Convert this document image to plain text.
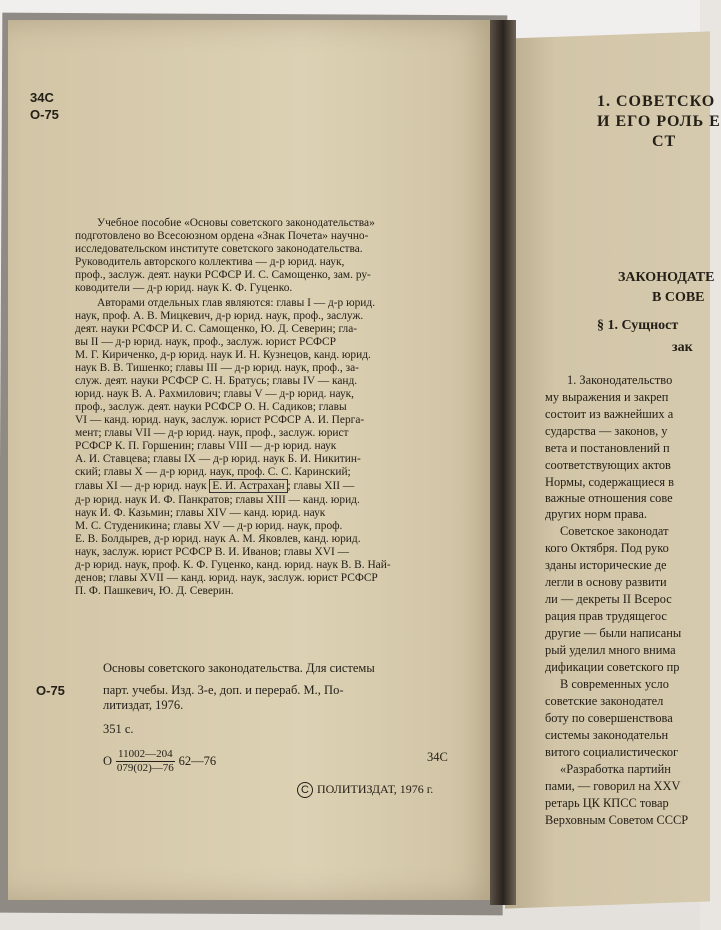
34С
О-75
Учебное пособие «Основы советского законодательства»
подготовлено во Всесоюзном ордена «Знак Почета» научно-
исследовательском институте советского законодательства.
Руководитель авторского коллектива — д-р юрид. наук,
проф., заслуж. деят. науки РСФСР И. С. Самощенко, зам. ру-
ководители — д-р юрид. наук К. Ф. Гуценко.
Авторами отдельных глав являются: главы I — д-р юрид.
наук, проф. А. В. Мицкевич, д-р юрид. наук, проф., заслуж.
деят. науки РСФСР И. С. Самощенко, Ю. Д. Северин; гла-
вы II — д-р юрид. наук, проф., заслуж. юрист РСФСР
М. Г. Кириченко, д-р юрид. наук И. Н. Кузнецов, канд. юрид.
наук В. В. Тишенко; главы III — д-р юрид. наук, проф., за-
служ. деят. науки РСФСР С. Н. Братусь; главы IV — канд.
юрид. наук В. А. Рахмилович; главы V — д-р юрид. наук,
проф., заслуж. деят. науки РСФСР О. Н. Садиков; главы
VI — канд. юрид. наук, заслуж. юрист РСФСР А. И. Перга-
мент; главы VII — д-р юрид. наук, проф., заслуж. юрист
РСФСР К. П. Горшенин; главы VIII — д-р юрид. наук
А. И. Ставцева; главы IX — д-р юрид. наук Б. И. Никитин-
ский; главы X — д-р юрид. наук, проф. С. С. Каринский;
главы XI — д-р юрид. наук Е. И. Астрахан ; главы XII —
д-р юрид. наук И. Ф. Панкратов; главы XIII — канд. юрид.
наук И. Ф. Казьмин; главы XIV — канд. юрид. наук
М. С. Студеникина; главы XV — д-р юрид. наук, проф.
Е. В. Болдырев, д-р юрид. наук А. М. Яковлев, канд. юрид.
наук, заслуж. юрист РСФСР В. И. Иванов; главы XVI —
д-р юрид. наук, проф. К. Ф. Гуценко, канд. юрид. наук В. В. Най-
денов; главы XVII — канд. юрид. наук, заслуж. юрист РСФСР
П. Ф. Пашкевич, Ю. Д. Северин.
Основы советского законодательства. Для системы
О-75	парт. учебы. Изд. 3-е, доп. и перераб. М., По-
литиздат, 1976.
351 с.
О $\frac{11002—204}{079(02)—76}$ 62—76	34С
C ПОЛИТИЗДАТ, 1976 г.
1. СОВЕТСКО
И ЕГО РОЛЬ Е
СТ
ЗАКОНОДАТЕ
В СОВЕ
§ 1. Сущност
зак
1. Законодательство
му выражения и закреп
состоит из важнейших а
сударства — законов, у
вета и постановлений п
соответствующих актов
Нормы, содержащиеся в
важные отношения сове
других норм права.
Советское законодат
кого Октября. Под руко
зданы исторические де
легли в основу развити
ли — декреты II Всерос
рация прав трудящегос
другие — были написаны
рый уделил много внима
дификации советского пр
В современных усло
советские законодател
боту по совершенствова
системы законодательн
витого социалистическог
«Разработка партийн
пами, — говорил на XXV
ретарь ЦК КПСС товар
Верховным Советом СССР
